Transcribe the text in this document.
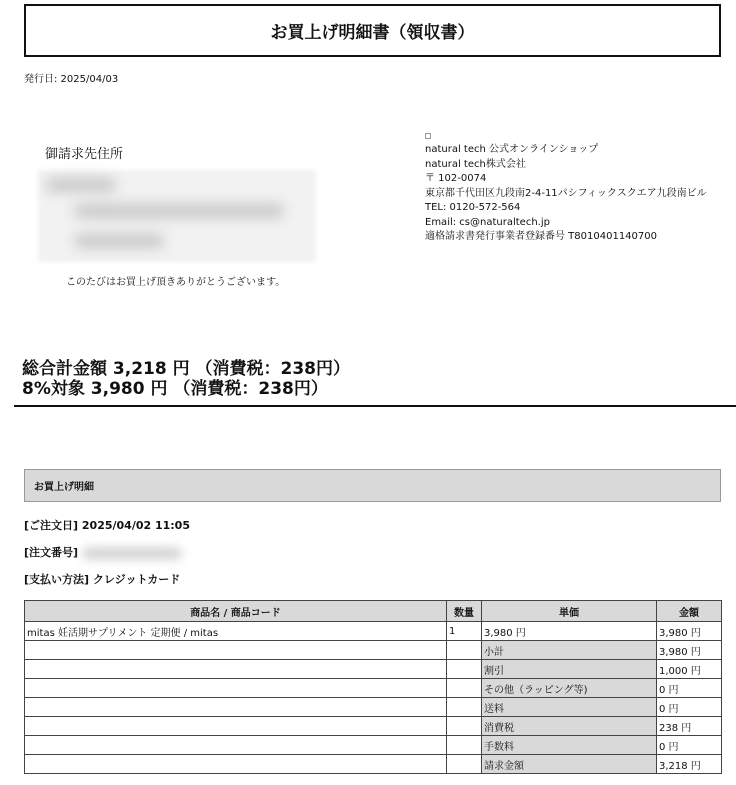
お買上げ明細書（領収書）
発行日: 2025/04/03
御請求先住所
このたびはお買上げ頂きありがとうございます。
natural tech 公式オンラインショップ
natural tech株式会社
〒 102-0074
東京都千代田区九段南2-4-11パシフィックスクエア九段南ビル
TEL: 0120-572-564
Email: cs@naturaltech.jp
適格請求書発行事業者登録番号 T8010401140700
総合計金額 3,218 円 （消費税：238円）
8%対象 3,980 円 （消費税：238円）
お買上げ明細
[ご注文日] 2025/04/02 11:05
[注文番号]
[支払い方法] クレジットカード
商品名 / 商品コード	数量	単価	金額
mitas 妊活期サプリメント 定期便 / mitas	1	3,980 円	3,980 円
		小計	3,980 円
		割引	1,000 円
		その他（ラッピング等)	0 円
		送料	0 円
		消費税	238 円
		手数料	0 円
		請求金額	3,218 円
